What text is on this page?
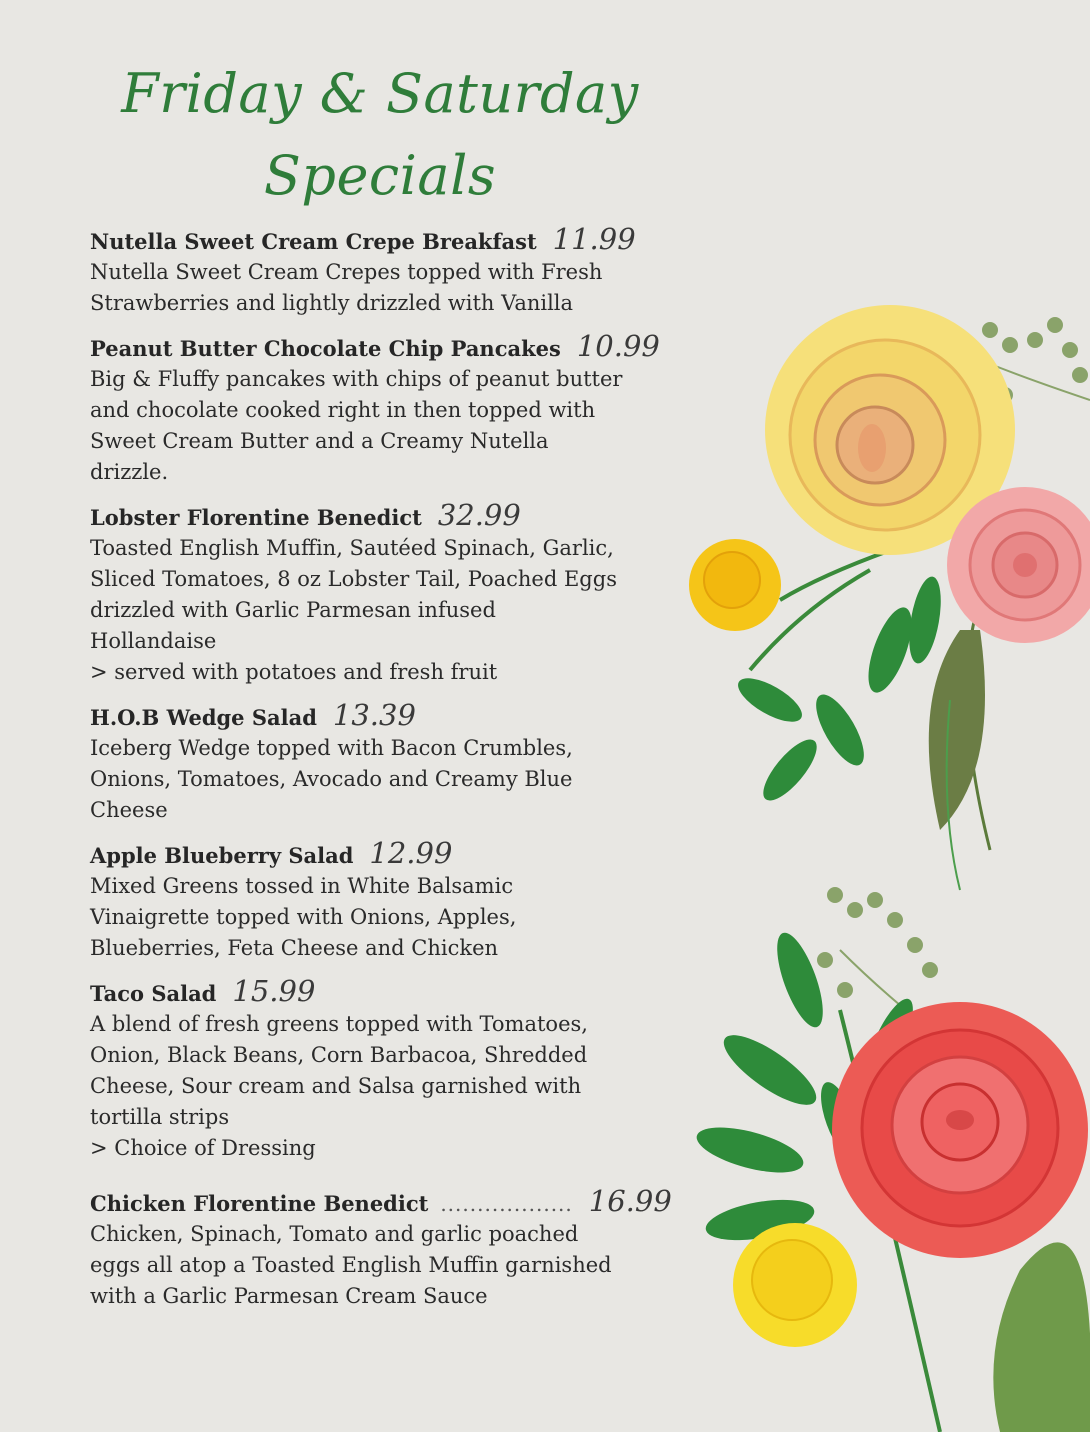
Friday & Saturday
Specials
Nutella Sweet Cream Crepe Breakfast 11.99
Nutella Sweet Cream Crepes topped with Fresh
Strawberries and lightly drizzled with Vanilla
Peanut Butter Chocolate Chip Pancakes 10.99
Big & Fluffy pancakes with chips of peanut butter
and chocolate cooked right in then topped with
Sweet Cream Butter and a Creamy Nutella
drizzle.
Lobster Florentine Benedict 32.99
Toasted English Muffin, Sautéed Spinach, Garlic,
Sliced Tomatoes, 8 oz Lobster Tail, Poached Eggs
drizzled with Garlic Parmesan infused
Hollandaise
> served with potatoes and fresh fruit
H.O.B Wedge Salad 13.39
Iceberg Wedge topped with Bacon Crumbles,
Onions, Tomatoes, Avocado and Creamy Blue
Cheese
Apple Blueberry Salad 12.99
Mixed Greens tossed in White Balsamic
Vinaigrette topped with Onions, Apples,
Blueberries, Feta Cheese and Chicken
Taco Salad 15.99
A blend of fresh greens topped with Tomatoes,
Onion, Black Beans, Corn Barbacoa, Shredded
Cheese, Sour cream and Salsa garnished with
tortilla strips
> Choice of Dressing
Chicken Florentine Benedict .................. 16.99
Chicken, Spinach, Tomato and garlic poached
eggs all atop a Toasted English Muffin garnished
with a Garlic Parmesan Cream Sauce
